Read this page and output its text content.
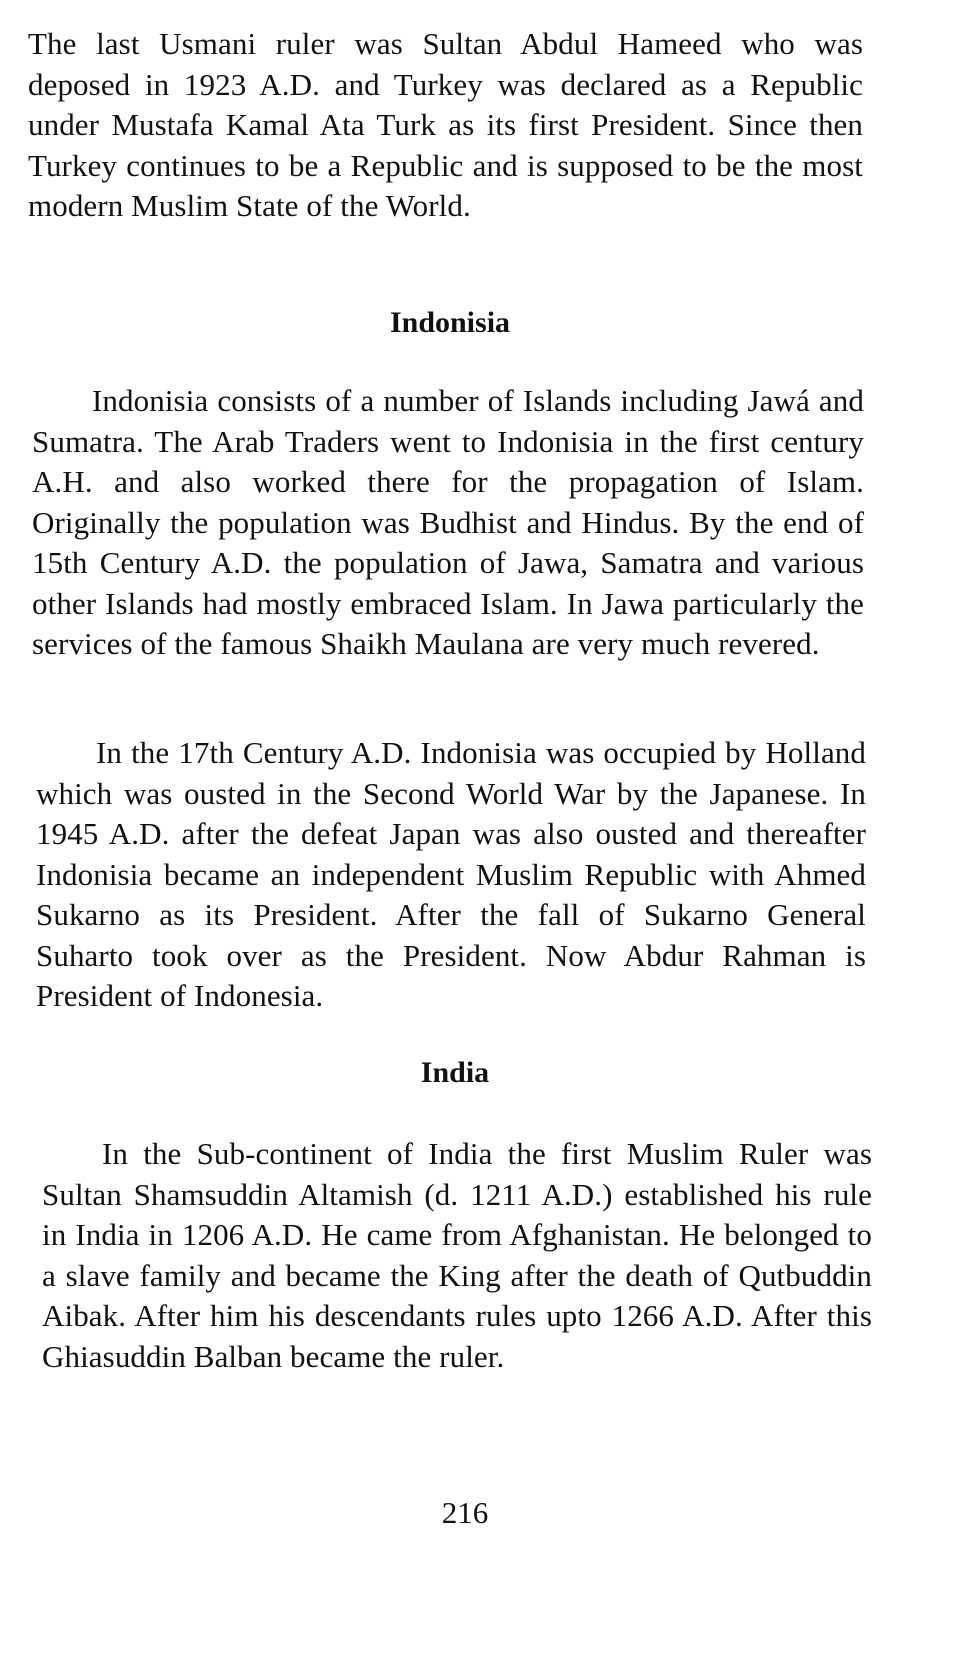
The last Usmani ruler was Sultan Abdul Hameed who was deposed in 1923 A.D. and Turkey was declared as a Republic under Mustafa Kamal Ata Turk as its first President. Since then Turkey continues to be a Republic and is supposed to be the most modern Muslim State of the World.

Indonisia

Indonisia consists of a number of Islands including Jawá and Sumatra. The Arab Traders went to Indonisia in the first century A.H. and also worked there for the propagation of Islam. Originally the population was Budhist and Hindus. By the end of 15th Century A.D. the population of Jawa, Samatra and various other Islands had mostly embraced Islam. In Jawa particularly the services of the famous Shaikh Maulana are very much revered.

In the 17th Century A.D. Indonisia was occupied by Holland which was ousted in the Second World War by the Japanese. In 1945 A.D. after the defeat Japan was also ousted and thereafter Indonisia became an independent Muslim Republic with Ahmed Sukarno as its President. After the fall of Sukarno General Suharto took over as the President. Now Abdur Rahman is President of Indonesia.

India

In the Sub-continent of India the first Muslim Ruler was Sultan Shamsuddin Altamish (d. 1211 A.D.) established his rule in India in 1206 A.D. He came from Afghanistan. He belonged to a slave family and became the King after the death of Qutbuddin Aibak. After him his descendants rules upto 1266 A.D. After this Ghiasuddin Balban became the ruler.

216
